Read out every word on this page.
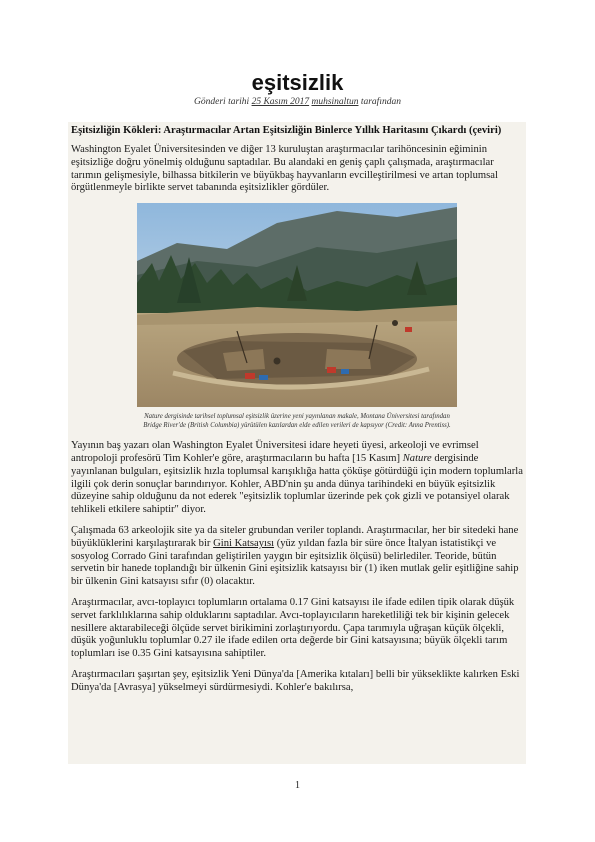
eşitsizlik
Gönderi tarihi 25 Kasım 2017 muhsinaltun tarafından
Eşitsizliğin Kökleri: Araştırmacılar Artan Eşitsizliğin Binlerce Yıllık Haritasını Çıkardı (çeviri)

Washington Eyalet Üniversitesinden ve diğer 13 kuruluştan araştırmacılar tarihöncesinin eğiminin eşitsizliğe doğru yönelmiş olduğunu saptadılar. Bu alandaki en geniş çaplı çalışmada, araştırmacılar tarımın gelişmesiyle, bilhassa bitkilerin ve büyükbaş hayvanların evcilleştirilmesi ve artan toplumsal örgütlenmeyle birlikte servet tabanında eşitsizlikler gördüler.

Nature dergisinde tarihsel toplumsal eşitsizlik üzerine yeni yayınlanan makale, Montana Üniversitesi tarafından Bridge River'de (British Columbia) yürütülen kazılardan elde edilen verileri de kapsıyor (Credit: Anna Prentiss).

Yayının baş yazarı olan Washington Eyalet Üniversitesi idare heyeti üyesi, arkeoloji ve evrimsel antropoloji profesörü Tim Kohler'e göre, araştırmacıların bu hafta [15 Kasım] Nature dergisinde yayınlanan bulguları, eşitsizlik hızla toplumsal karışıklığa hatta çöküşe götürdüğü için modern toplumlarla ilgili çok derin sonuçlar barındırıyor. Kohler, ABD'nin şu anda dünya tarihindeki en büyük eşitsizlik düzeyine sahip olduğunu da not ederek "eşitsizlik toplumlar üzerinde pek çok gizli ve potansiyel olarak tehlikeli etkilere sahiptir" diyor.

Çalışmada 63 arkeolojik site ya da siteler grubundan veriler toplandı. Araştırmacılar, her bir sitedeki hane büyüklüklerini karşılaştırarak bir Gini Katsayısı (yüz yıldan fazla bir süre önce İtalyan istatistikçi ve sosyolog Corrado Gini tarafından geliştirilen yaygın bir eşitsizlik ölçüsü) belirlediler. Teoride, bütün servetin bir hanede toplandığı bir ülkenin Gini eşitsizlik katsayısı bir (1) iken mutlak gelir eşitliğine sahip bir ülkenin Gini katsayısı sıfır (0) olacaktır.

Araştırmacılar, avcı-toplayıcı toplumların ortalama 0.17 Gini katsayısı ile ifade edilen tipik olarak düşük servet farklılıklarına sahip olduklarını saptadılar. Avcı-toplayıcıların hareketliliği tek bir kişinin gelecek nesillere aktarabileceği ölçüde servet birikimini zorlaştırıyordu. Çapa tarımıyla uğraşan küçük ölçekli, düşük yoğunluklu toplumlar 0.27 ile ifade edilen orta değerde bir Gini katsayısına; büyük ölçekli tarım toplumları ise 0.35 Gini katsayısına sahiptiler.

Araştırmacıları şaşırtan şey, eşitsizlik Yeni Dünya'da [Amerika kıtaları] belli bir yükseklikte kalırken Eski Dünya'da [Avrasya] yükselmeyi sürdürmesiydi. Kohler'e bakılırsa,

1
